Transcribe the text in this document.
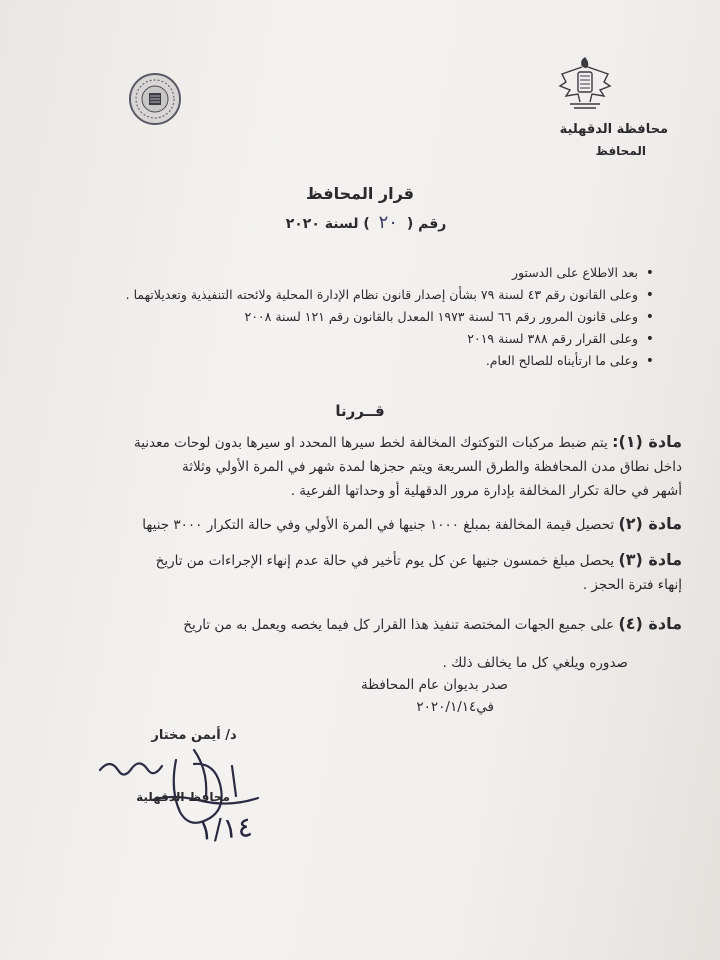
محافظة الدقهلية
المحافظ
قرار المحافظ
رقم ( ٢٠ ) لسنة ٢٠٢٠
• بعد الاطلاع على الدستور
• وعلى القانون رقم ٤٣ لسنة ٧٩ بشأن إصدار قانون نظام الإدارة المحلية ولائحته التنفيذية وتعديلاتهما .
• وعلى قانون المرور رقم ٦٦ لسنة ١٩٧٣ المعدل بالقانون رقم ١٢١ لسنة ٢٠٠٨
• وعلى القرار رقم ٣٨٨ لسنة ٢٠١٩
• وعلى ما ارتأيناه للصالح العام.
قــررنا
مادة (١): يتم ضبط مركبات التوكتوك المخالفة لخط سيرها المحدد او سيرها بدون لوحات معدنية
داخل نطاق مدن المحافظة والطرق السريعة ويتم حجزها لمدة شهر في المرة الأولي وثلاثة
أشهر في حالة تكرار المخالفة بإدارة مرور الدقهلية أو وحداتها الفرعية .
مادة (٢) تحصيل قيمة المخالفة بمبلغ ١٠٠٠ جنيها في المرة الأولي وفي حالة التكرار ٣٠٠٠ جنيها
مادة (٣) يحصل مبلغ خمسون جنيها عن كل يوم تأخير في حالة عدم إنهاء الإجراءات من تاريخ
إنهاء فترة الحجز .
مادة (٤) على جميع الجهات المختصة تنفيذ هذا القرار كل فيما يخصه ويعمل به من تاريخ
صدوره ويلغي كل ما يخالف ذلك .
صدر بديوان عام المحافظة
في٢٠٢٠/١/١٤
د/ أيمن مختار
محافظ الدقهلية
١/١٤
